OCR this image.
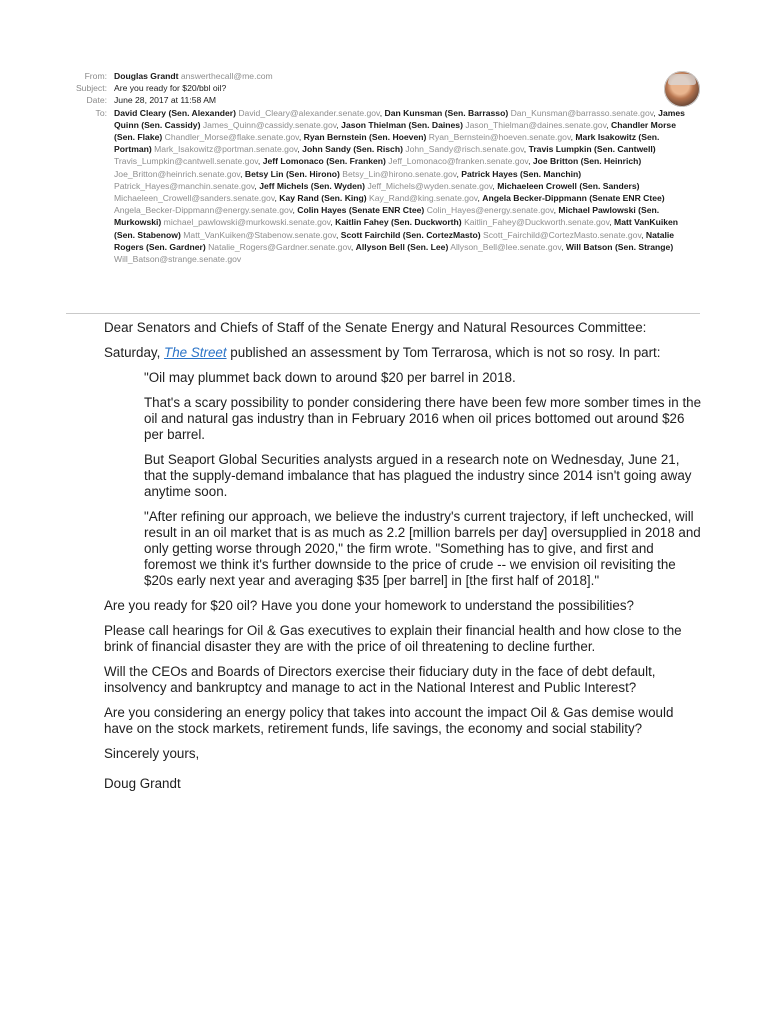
From: Douglas Grandt answerthecall@me.com
Subject: Are you ready for $20/bbl oil?
Date: June 28, 2017 at 11:58 AM
To: David Cleary (Sen. Alexander) David_Cleary@alexander.senate.gov, Dan Kunsman (Sen. Barrasso) Dan_Kunsman@barrasso.senate.gov, James Quinn (Sen. Cassidy) James_Quinn@cassidy.senate.gov, Jason Thielman (Sen. Daines) Jason_Thielman@daines.senate.gov, Chandler Morse (Sen. Flake) Chandler_Morse@flake.senate.gov, Ryan Bernstein (Sen. Hoeven) Ryan_Bernstein@hoeven.senate.gov, Mark Isakowitz (Sen. Portman) Mark_Isakowitz@portman.senate.gov, John Sandy (Sen. Risch) John_Sandy@risch.senate.gov, Travis Lumpkin (Sen. Cantwell) Travis_Lumpkin@cantwell.senate.gov, Jeff Lomonaco (Sen. Franken) Jeff_Lomonaco@franken.senate.gov, Joe Britton (Sen. Heinrich) Joe_Britton@heinrich.senate.gov, Betsy Lin (Sen. Hirono) Betsy_Lin@hirono.senate.gov, Patrick Hayes (Sen. Manchin) Patrick_Hayes@manchin.senate.gov, Jeff Michels (Sen. Wyden) Jeff_Michels@wyden.senate.gov, Michaeleen Crowell (Sen. Sanders) Michaeleen_Crowell@sanders.senate.gov, Kay Rand (Sen. King) Kay_Rand@king.senate.gov, Angela Becker-Dippmann (Senate ENR Ctee) Angela_Becker-Dippmann@energy.senate.gov, Colin Hayes (Senate ENR Ctee) Colin_Hayes@energy.senate.gov, Michael Pawlowski (Sen. Murkowski) michael_pawlowski@murkowski.senate.gov, Kaitlin Fahey (Sen. Duckworth) Kaitlin_Fahey@Duckworth.senate.gov, Matt VanKuiken (Sen. Stabenow) Matt_VanKuiken@Stabenow.senate.gov, Scott Fairchild (Sen. CortezMasto) Scott_Fairchild@CortezMasto.senate.gov, Natalie Rogers (Sen. Gardner) Natalie_Rogers@Gardner.senate.gov, Allyson Bell (Sen. Lee) Allyson_Bell@lee.senate.gov, Will Batson (Sen. Strange) Will_Batson@strange.senate.gov

Dear Senators and Chiefs of Staff of the Senate Energy and Natural Resources Committee:

Saturday, The Street published an assessment by Tom Terrarosa, which is not so rosy. In part:

"Oil may plummet back down to around $20 per barrel in 2018.

That's a scary possibility to ponder considering there have been few more somber times in the oil and natural gas industry than in February 2016 when oil prices bottomed out around $26 per barrel.

But Seaport Global Securities analysts argued in a research note on Wednesday, June 21, that the supply-demand imbalance that has plagued the industry since 2014 isn't going away anytime soon.

"After refining our approach, we believe the industry's current trajectory, if left unchecked, will result in an oil market that is as much as 2.2 [million barrels per day] oversupplied in 2018 and only getting worse through 2020," the firm wrote. "Something has to give, and first and foremost we think it's further downside to the price of crude -- we envision oil revisiting the $20s early next year and averaging $35 [per barrel] in [the first half of 2018]."

Are you ready for $20 oil? Have you done your homework to understand the possibilities?

Please call hearings for Oil & Gas executives to explain their financial health and how close to the brink of financial disaster they are with the price of oil threatening to decline further.

Will the CEOs and Boards of Directors exercise their fiduciary duty in the face of debt default, insolvency and bankruptcy and manage to act in the National Interest and Public Interest?

Are you considering an energy policy that takes into account the impact Oil & Gas demise would have on the stock markets, retirement funds, life savings, the economy and social stability?

Sincerely yours,

Doug Grandt
